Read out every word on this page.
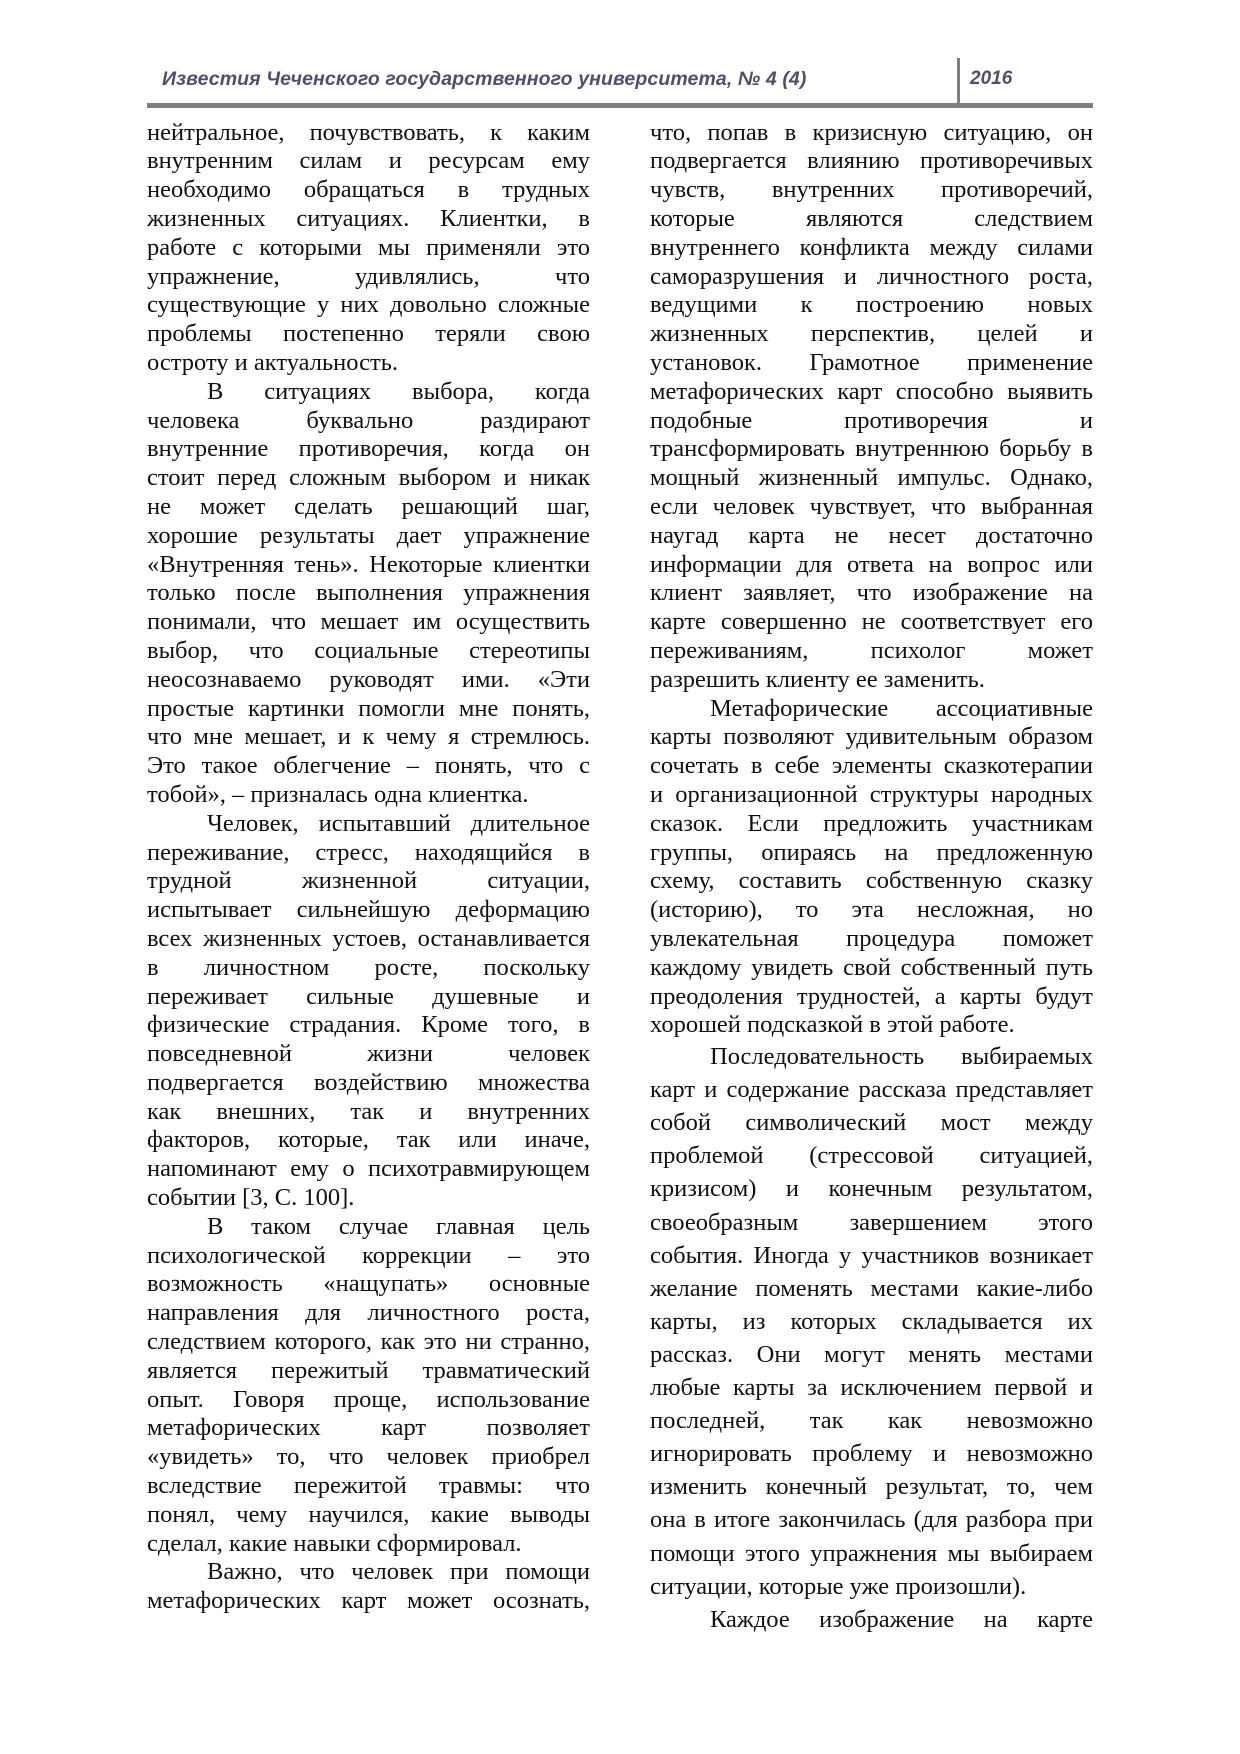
Известия Чеченского государственного университета, № 4 (4)	2016
нейтральное, почувствовать, к каким
внутренним силам и ресурсам ему
необходимо обращаться в трудных
жизненных ситуациях. Клиентки, в
работе с которыми мы применяли это
упражнение, удивлялись, что
существующие у них довольно сложные
проблемы постепенно теряли свою
остроту и актуальность.
В ситуациях выбора, когда
человека буквально раздирают
внутренние противоречия, когда он
стоит перед сложным выбором и никак
не может сделать решающий шаг,
хорошие результаты дает упражнение
«Внутренняя тень». Некоторые клиентки
только после выполнения упражнения
понимали, что мешает им осуществить
выбор, что социальные стереотипы
неосознаваемо руководят ими. «Эти
простые картинки помогли мне понять,
что мне мешает, и к чему я стремлюсь.
Это такое облегчение – понять, что с
тобой», – призналась одна клиентка.
Человек, испытавший длительное
переживание, стресс, находящийся в
трудной жизненной ситуации,
испытывает сильнейшую деформацию
всех жизненных устоев, останавливается
в личностном росте, поскольку
переживает сильные душевные и
физические страдания. Кроме того, в
повседневной жизни человек
подвергается воздействию множества
как внешних, так и внутренних
факторов, которые, так или иначе,
напоминают ему о психотравмирующем
событии [3, С. 100].
В таком случае главная цель
психологической коррекции – это
возможность «нащупать» основные
направления для личностного роста,
следствием которого, как это ни странно,
является пережитый травматический
опыт. Говоря проще, использование
метафорических карт позволяет
«увидеть» то, что человек приобрел
вследствие пережитой травмы: что
понял, чему научился, какие выводы
сделал, какие навыки сформировал.
Важно, что человек при помощи
метафорических карт может осознать,
что, попав в кризисную ситуацию, он
подвергается влиянию противоречивых
чувств, внутренних противоречий,
которые являются следствием
внутреннего конфликта между силами
саморазрушения и личностного роста,
ведущими к построению новых
жизненных перспектив, целей и
установок. Грамотное применение
метафорических карт способно выявить
подобные противоречия и
трансформировать внутреннюю борьбу в
мощный жизненный импульс. Однако,
если человек чувствует, что выбранная
наугад карта не несет достаточно
информации для ответа на вопрос или
клиент заявляет, что изображение на
карте совершенно не соответствует его
переживаниям, психолог может
разрешить клиенту ее заменить.
Метафорические ассоциативные
карты позволяют удивительным образом
сочетать в себе элементы сказкотерапии
и организационной структуры народных
сказок. Если предложить участникам
группы, опираясь на предложенную
схему, составить собственную сказку
(историю), то эта несложная, но
увлекательная процедура поможет
каждому увидеть свой собственный путь
преодоления трудностей, а карты будут
хорошей подсказкой в этой работе.
Последовательность выбираемых
карт и содержание рассказа представляет
собой символический мост между
проблемой (стрессовой ситуацией,
кризисом) и конечным результатом,
своеобразным завершением этого
события. Иногда у участников возникает
желание поменять местами какие-либо
карты, из которых складывается их
рассказ. Они могут менять местами
любые карты за исключением первой и
последней, так как невозможно
игнорировать проблему и невозможно
изменить конечный результат, то, чем
она в итоге закончилась (для разбора при
помощи этого упражнения мы выбираем
ситуации, которые уже произошли).
Каждое изображение на карте
